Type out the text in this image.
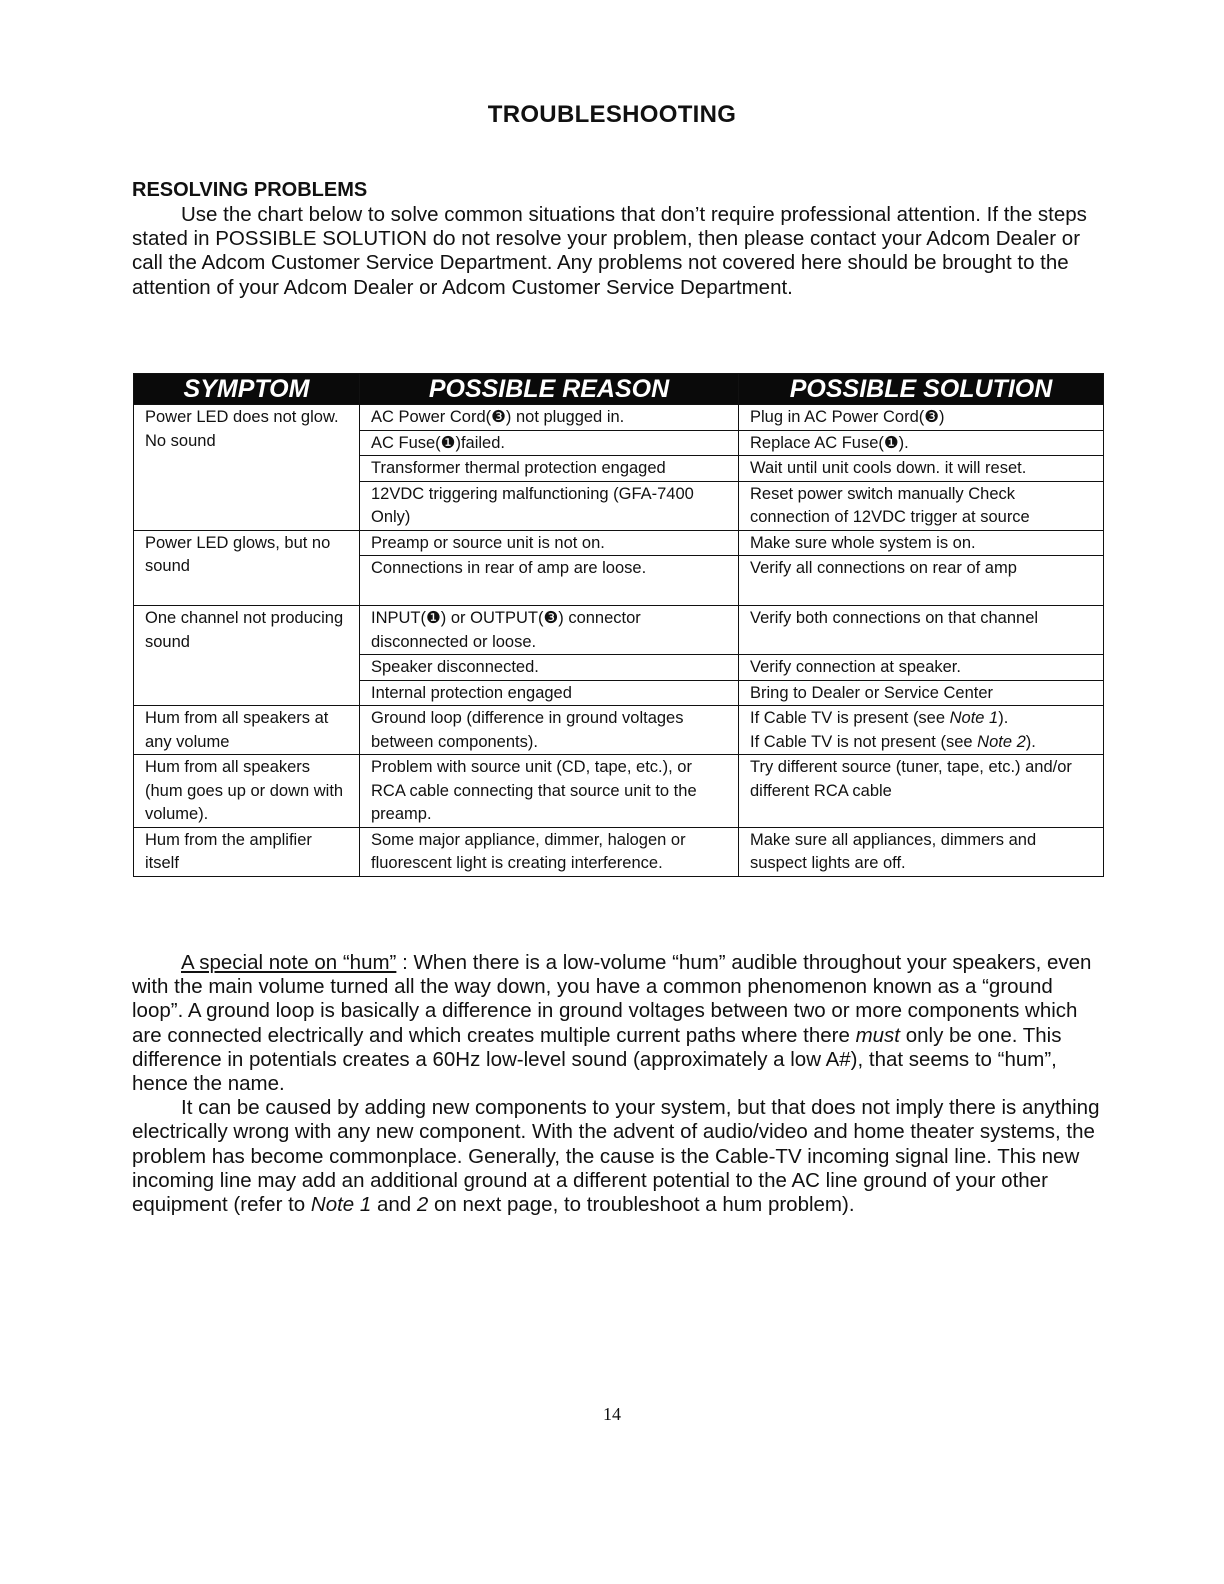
TROUBLESHOOTING
RESOLVING PROBLEMS

Use the chart below to solve common situations that don’t require professional attention. If the steps stated in POSSIBLE SOLUTION do not resolve your problem, then please contact your Adcom Dealer or call the Adcom Customer Service Department. Any problems not covered here should be brought to the attention of your Adcom Dealer or Adcom Customer Service Department.

SYMPTOM	POSSIBLE REASON	POSSIBLE SOLUTION
Power LED does not glow. No sound	AC Power Cord(❸) not plugged in.	Plug in AC Power Cord(❸)
	AC Fuse(❶)failed.	Replace AC Fuse(❶).
	Transformer thermal protection engaged	Wait until unit cools down. it will reset.
	12VDC triggering malfunctioning (GFA-7400 Only)	Reset power switch manually Check connection of 12VDC trigger at source
Power LED glows, but no sound	Preamp or source unit is not on.	Make sure whole system is on.
	Connections in rear of amp are loose.	Verify all connections on rear of amp
One channel not producing sound	INPUT(❶) or OUTPUT(❸) connector disconnected or loose.	Verify both connections on that channel
	Speaker disconnected.	Verify connection at speaker.
	Internal protection engaged	Bring to Dealer or Service Center
Hum from all speakers at any volume	Ground loop (difference in ground voltages between components).	If Cable TV is present (see Note 1).
If Cable TV is not present (see Note 2).

Hum from all speakers (hum goes up or down with volume).	Problem with source unit (CD, tape, etc.), or RCA cable connecting that source unit to the preamp.	Try different source (tuner, tape, etc.) and/or different RCA cable
Hum from the amplifier itself	Some major appliance, dimmer, halogen or fluorescent light is creating interference.	Make sure all appliances, dimmers and suspect lights are off.

A special note on “hum” : When there is a low-volume “hum” audible throughout your speakers, even with the main volume turned all the way down, you have a common phenomenon known as a “ground loop”. A ground loop is basically a difference in ground voltages between two or more components which are connected electrically and which creates multiple current paths where there must only be one. This difference in potentials creates a 60Hz low-level sound (approximately a low A#), that seems to “hum”, hence the name.

It can be caused by adding new components to your system, but that does not imply there is anything electrically wrong with any new component. With the advent of audio/video and home theater systems, the problem has become commonplace. Generally, the cause is the Cable-TV incoming signal line. This new incoming line may add an additional ground at a different potential to the AC line ground of your other equipment (refer to Note 1 and 2 on next page, to troubleshoot a hum problem).

14
